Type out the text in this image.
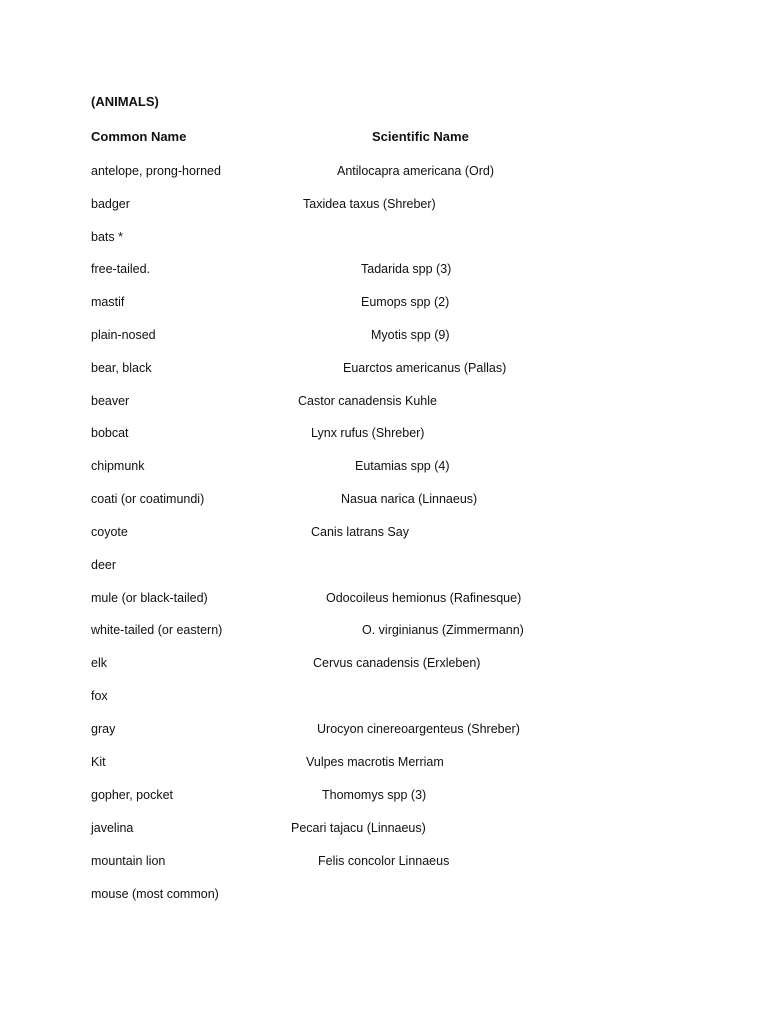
(ANIMALS)
Common Name	Scientific Name
antelope, prong-horned	Antilocapra americana (Ord)
badger	Taxidea taxus (Shreber)
bats *
free-tailed.	Tadarida spp (3)
mastif	Eumops spp (2)
plain-nosed	Myotis spp (9)
bear, black	Euarctos americanus (Pallas)
beaver	Castor canadensis Kuhle
bobcat	Lynx rufus (Shreber)
chipmunk	Eutamias spp (4)
coati (or coatimundi)	Nasua narica (Linnaeus)
coyote	Canis latrans Say
deer
mule (or black-tailed)	Odocoileus hemionus (Rafinesque)
white-tailed (or eastern)	O. virginianus (Zimmermann)
elk	Cervus canadensis (Erxleben)
fox
gray	Urocyon cinereoargenteus (Shreber)
Kit	Vulpes macrotis Merriam
gopher, pocket	Thomomys spp (3)
javelina	Pecari tajacu (Linnaeus)
mountain lion	Felis concolor Linnaeus
mouse (most common)
